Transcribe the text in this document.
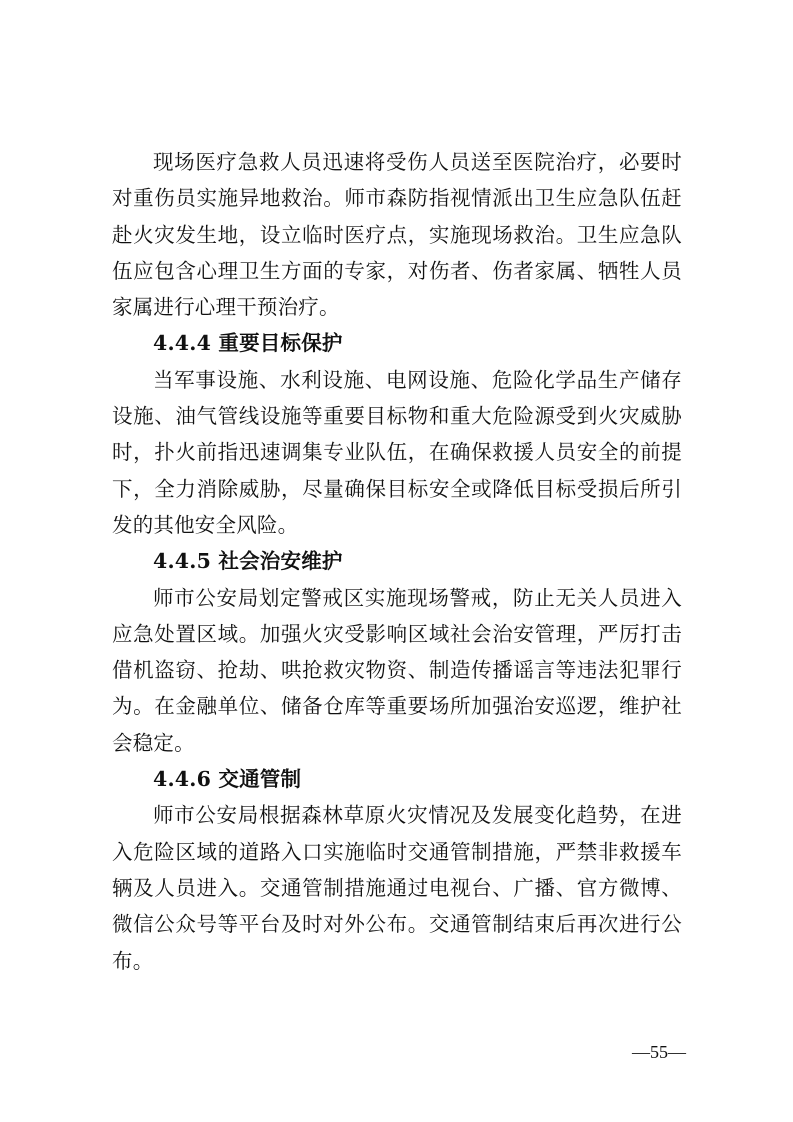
现场医疗急救人员迅速将受伤人员送至医院治疗，必要时对重伤员实施异地救治。师市森防指视情派出卫生应急队伍赶赴火灾发生地，设立临时医疗点，实施现场救治。卫生应急队伍应包含心理卫生方面的专家，对伤者、伤者家属、牺牲人员家属进行心理干预治疗。

4.4.4 重要目标保护

当军事设施、水利设施、电网设施、危险化学品生产储存设施、油气管线设施等重要目标物和重大危险源受到火灾威胁时，扑火前指迅速调集专业队伍，在确保救援人员安全的前提下，全力消除威胁，尽量确保目标安全或降低目标受损后所引发的其他安全风险。

4.4.5 社会治安维护

师市公安局划定警戒区实施现场警戒，防止无关人员进入应急处置区域。加强火灾受影响区域社会治安管理，严厉打击借机盗窃、抢劫、哄抢救灾物资、制造传播谣言等违法犯罪行为。在金融单位、储备仓库等重要场所加强治安巡逻，维护社会稳定。

4.4.6 交通管制

师市公安局根据森林草原火灾情况及发展变化趋势，在进入危险区域的道路入口实施临时交通管制措施，严禁非救援车辆及人员进入。交通管制措施通过电视台、广播、官方微博、微信公众号等平台及时对外公布。交通管制结束后再次进行公布。

—55—
